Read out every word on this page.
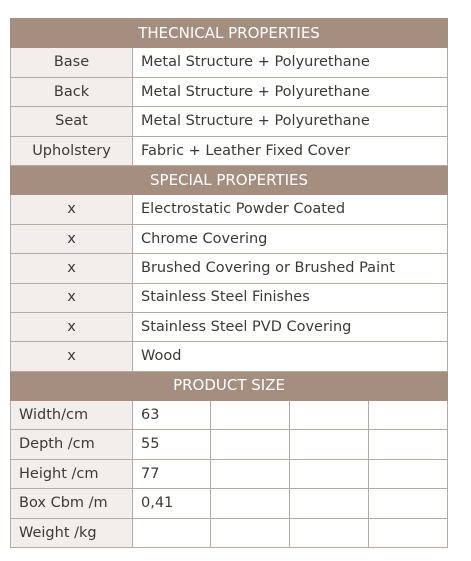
THECNICAL PROPERTIES				
Base	Metal Structure + Polyurethane			
Back	Metal Structure + Polyurethane			
Seat	Metal Structure + Polyurethane			
Upholstery	Fabric + Leather Fixed Cover			
SPECIAL PROPERTIES				
x	Electrostatic Powder Coated			
x	Chrome Covering			
x	Brushed Covering or Brushed Paint			
x	Stainless Steel Finishes			
x	Stainless Steel PVD Covering			
x	Wood			
PRODUCT SIZE				
Width/cm	63			
Depth /cm	55			
Height /cm	77			
Box Cbm /m	0,41			
Weight /kg				
